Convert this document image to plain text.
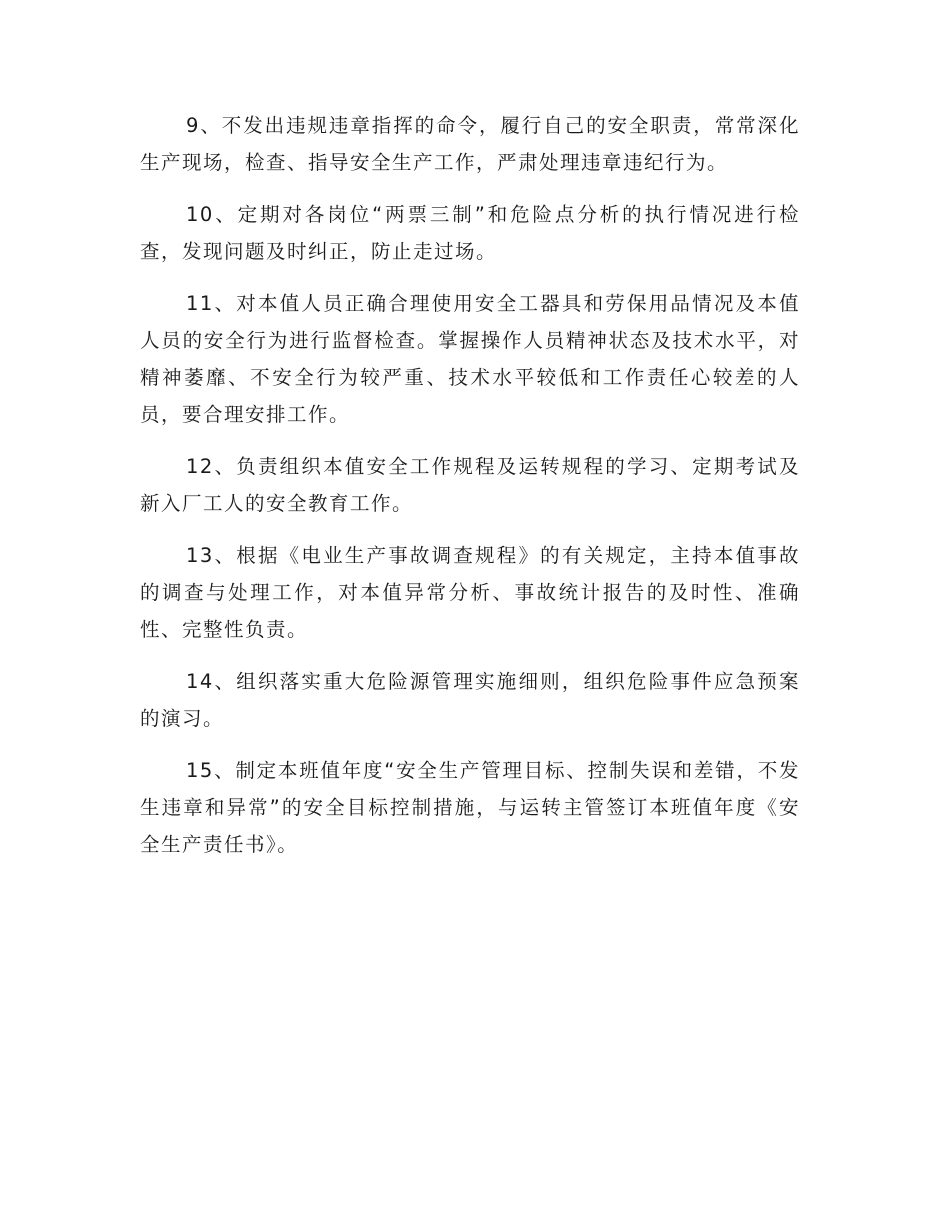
9、不发出违规违章指挥的命令，履行自己的安全职责，常常深化生产现场，检查、指导安全生产工作，严肃处理违章违纪行为。

10、定期对各岗位“两票三制”和危险点分析的执行情况进行检查，发现问题及时纠正，防止走过场。

11、对本值人员正确合理使用安全工器具和劳保用品情况及本值人员的安全行为进行监督检查。掌握操作人员精神状态及技术水平，对精神萎靡、不安全行为较严重、技术水平较低和工作责任心较差的人员，要合理安排工作。

12、负责组织本值安全工作规程及运转规程的学习、定期考试及新入厂工人的安全教育工作。

13、根据《电业生产事故调查规程》的有关规定，主持本值事故的调查与处理工作，对本值异常分析、事故统计报告的及时性、准确性、完整性负责。

14、组织落实重大危险源管理实施细则，组织危险事件应急预案的演习。

15、制定本班值年度“安全生产管理目标、控制失误和差错，不发生违章和异常”的安全目标控制措施，与运转主管签订本班值年度《安全生产责任书》。
